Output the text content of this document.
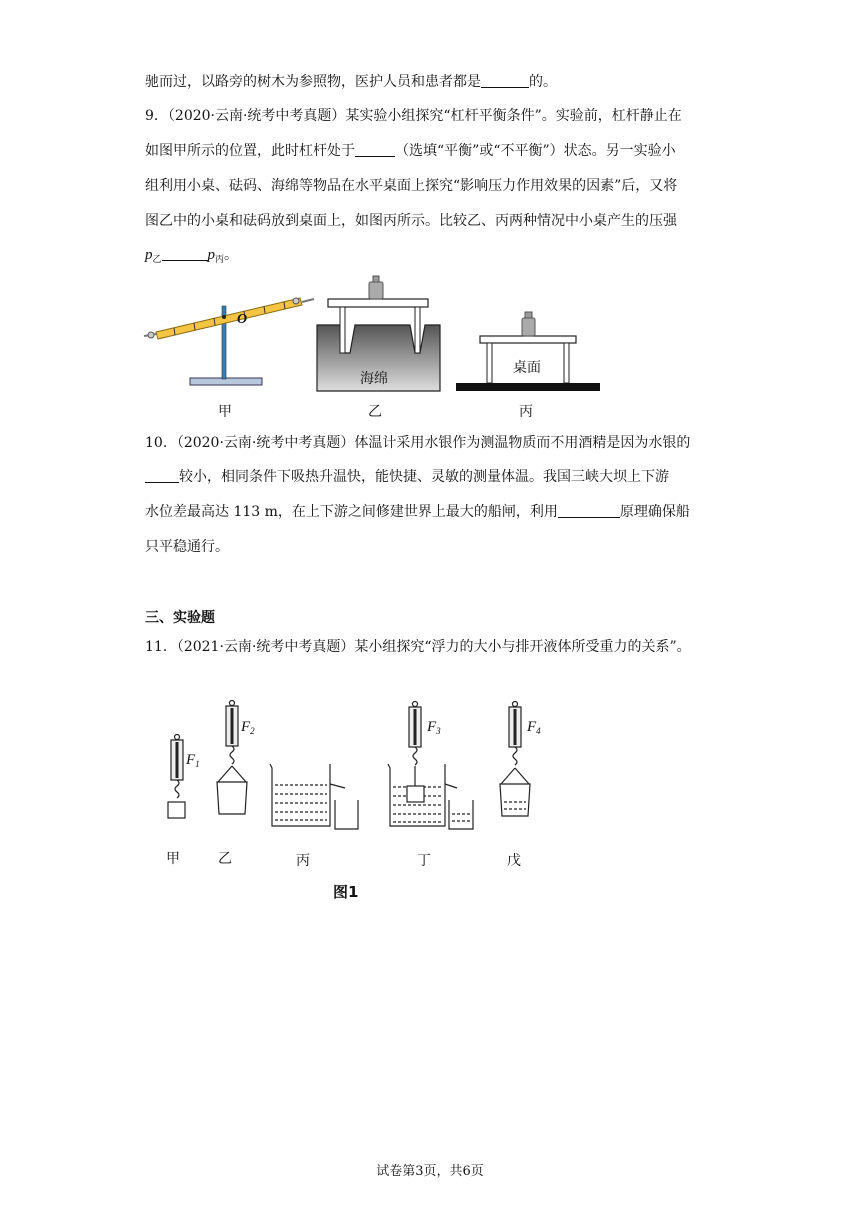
驰而过，以路旁的树木为参照物，医护人员和患者都是	的。
9．（2020·云南·统考中考真题）某实验小组探究“杠杆平衡条件”。实验前，杠杆静止在
如图甲所示的位置，此时杠杆处于	（选填“平衡”或“不平衡”）状态。另一实验小
组利用小桌、砝码、海绵等物品在水平桌面上探究“影响压力作用效果的因素”后，又将
图乙中的小桌和砝码放到桌面上，如图丙所示。比较乙、丙两种情况中小桌产生的压强
$p_乙$	$p_丙$。
O
海绵
桌面
甲	乙	丙
10．（2020·云南·统考中考真题）体温计采用水银作为测温物质而不用酒精是因为水银的
较小，相同条件下吸热升温快，能快捷、灵敏的测量体温。我国三峡大坝上下游
水位差最高达 113 m，在上下游之间修建世界上最大的船闸，利用	原理确保船
只平稳通行。
三、实验题
11．（2021·云南·统考中考真题）某小组探究“浮力的大小与排开液体所受重力的关系”。
$F_1$
$F_2$	$F_3$	$F_4$
甲	乙	丙	丁	戊
图1
试卷第3页，共6页
